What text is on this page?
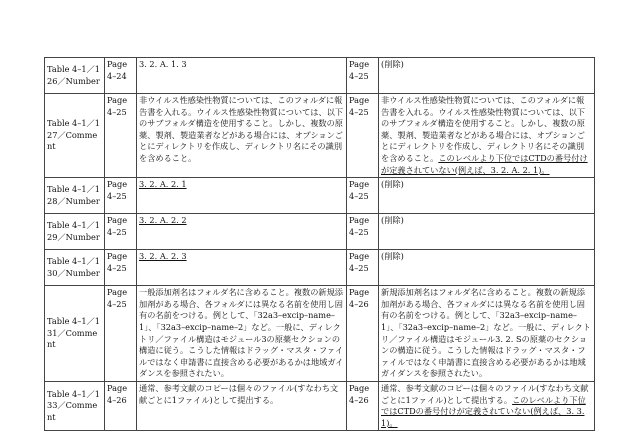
Table 4–1／126／Number	Page 4–24	3. 2. A. 1. 3	Page 4–25	(削除)
Table 4–1／127／Comment	Page 4–25	非ウイルス性感染性物質については、このフォルダに報告書を入れる。ウイルス性感染性物質については、以下のサブフォルダ構造を使用すること。しかし、複数の原薬、製剤、製造業者などがある場合には、オプションごとにディレクトリを作成し、ディレクトリ名にその識別を含めること。	Page 4–25	非ウイルス性感染性物質については、このフォルダに報告書を入れる。ウイルス性感染性物質については、以下のサブフォルダ構造を使用すること。しかし、複数の原薬、製剤、製造業者などがある場合には、オプションごとにディレクトリを作成し、ディレクトリ名にその識別を含めること。このレベルより下位ではCTDの番号付けが定義されていない(例えば、3. 2. A. 2. 1)。
Table 4–1／128／Number	Page 4–25	3. 2. A. 2. 1	Page 4–25	(削除)
Table 4–1／129／Number	Page 4–25	3. 2. A. 2. 2	Page 4–25	(削除)
Table 4–1／130／Number	Page 4–25	3. 2. A. 2. 3	Page 4–25	(削除)
Table 4–1／131／Comment	Page 4–25	一般添加剤名はフォルダ名に含めること。複数の新規添加剤がある場合、各フォルダには異なる名前を使用し固有の名前をつける。例として、「32a3–excip–name–1」、「32a3–excip–name–2」など。一般に、ディレクトリ／ファイル構造はモジュール3の原薬セクションの構造に従う。こうした情報はドラッグ・マスタ・ファイルではなく申請書に直接含める必要があるかは地域ガイダンスを参照されたい。	Page 4–26	新規添加剤名はフォルダ名に含めること。複数の新規添加剤がある場合、各フォルダには異なる名前を使用し固有の名前をつける。例として、「32a3–excip–name–1」、「32a3–excip–name–2」など。一般に、ディレクトリ／ファイル構造はモジュール3. 2. Sの原薬のセクションの構造に従う。こうした情報はドラッグ・マスタ・ファイルではなく申請書に直接含める必要があるかは地域ガイダンスを参照されたい。
Table 4–1／133／Comment	Page 4–26	通常、参考文献のコピーは個々のファイル(すなわち文献ごとに1ファイル)として提出する。	Page 4–26	通常、参考文献のコピーは個々のファイル(すなわち文献ごとに1ファイル)として提出する。このレベルより下位ではCTDの番号付けが定義されていない(例えば、3. 3. 1)。
